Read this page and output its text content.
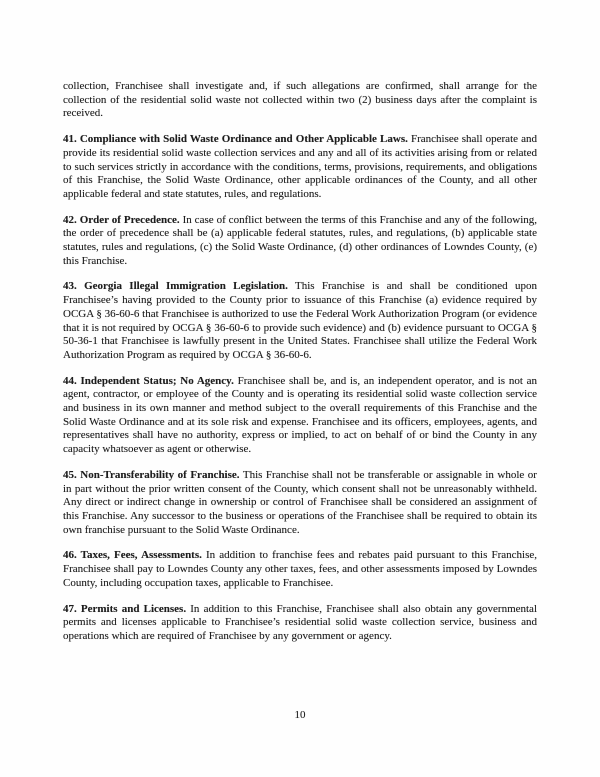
collection, Franchisee shall investigate and, if such allegations are confirmed, shall arrange for the collection of the residential solid waste not collected within two (2) business days after the complaint is received.

41. Compliance with Solid Waste Ordinance and Other Applicable Laws. Franchisee shall operate and provide its residential solid waste collection services and any and all of its activities arising from or related to such services strictly in accordance with the conditions, terms, provisions, requirements, and obligations of this Franchise, the Solid Waste Ordinance, other applicable ordinances of the County, and all other applicable federal and state statutes, rules, and regulations.

42. Order of Precedence. In case of conflict between the terms of this Franchise and any of the following, the order of precedence shall be (a) applicable federal statutes, rules, and regulations, (b) applicable state statutes, rules and regulations, (c) the Solid Waste Ordinance, (d) other ordinances of Lowndes County, (e) this Franchise.

43. Georgia Illegal Immigration Legislation. This Franchise is and shall be conditioned upon Franchisee’s having provided to the County prior to issuance of this Franchise (a) evidence required by OCGA § 36-60-6 that Franchisee is authorized to use the Federal Work Authorization Program (or evidence that it is not required by OCGA § 36-60-6 to provide such evidence) and (b) evidence pursuant to OCGA § 50-36-1 that Franchisee is lawfully present in the United States. Franchisee shall utilize the Federal Work Authorization Program as required by OCGA § 36-60-6.

44. Independent Status; No Agency. Franchisee shall be, and is, an independent operator, and is not an agent, contractor, or employee of the County and is operating its residential solid waste collection service and business in its own manner and method subject to the overall requirements of this Franchise and the Solid Waste Ordinance and at its sole risk and expense. Franchisee and its officers, employees, agents, and representatives shall have no authority, express or implied, to act on behalf of or bind the County in any capacity whatsoever as agent or otherwise.

45. Non-Transferability of Franchise. This Franchise shall not be transferable or assignable in whole or in part without the prior written consent of the County, which consent shall not be unreasonably withheld. Any direct or indirect change in ownership or control of Franchisee shall be considered an assignment of this Franchise. Any successor to the business or operations of the Franchisee shall be required to obtain its own franchise pursuant to the Solid Waste Ordinance.

46. Taxes, Fees, Assessments. In addition to franchise fees and rebates paid pursuant to this Franchise, Franchisee shall pay to Lowndes County any other taxes, fees, and other assessments imposed by Lowndes County, including occupation taxes, applicable to Franchisee.

47. Permits and Licenses. In addition to this Franchise, Franchisee shall also obtain any governmental permits and licenses applicable to Franchisee’s residential solid waste collection service, business and operations which are required of Franchisee by any government or agency.

10
